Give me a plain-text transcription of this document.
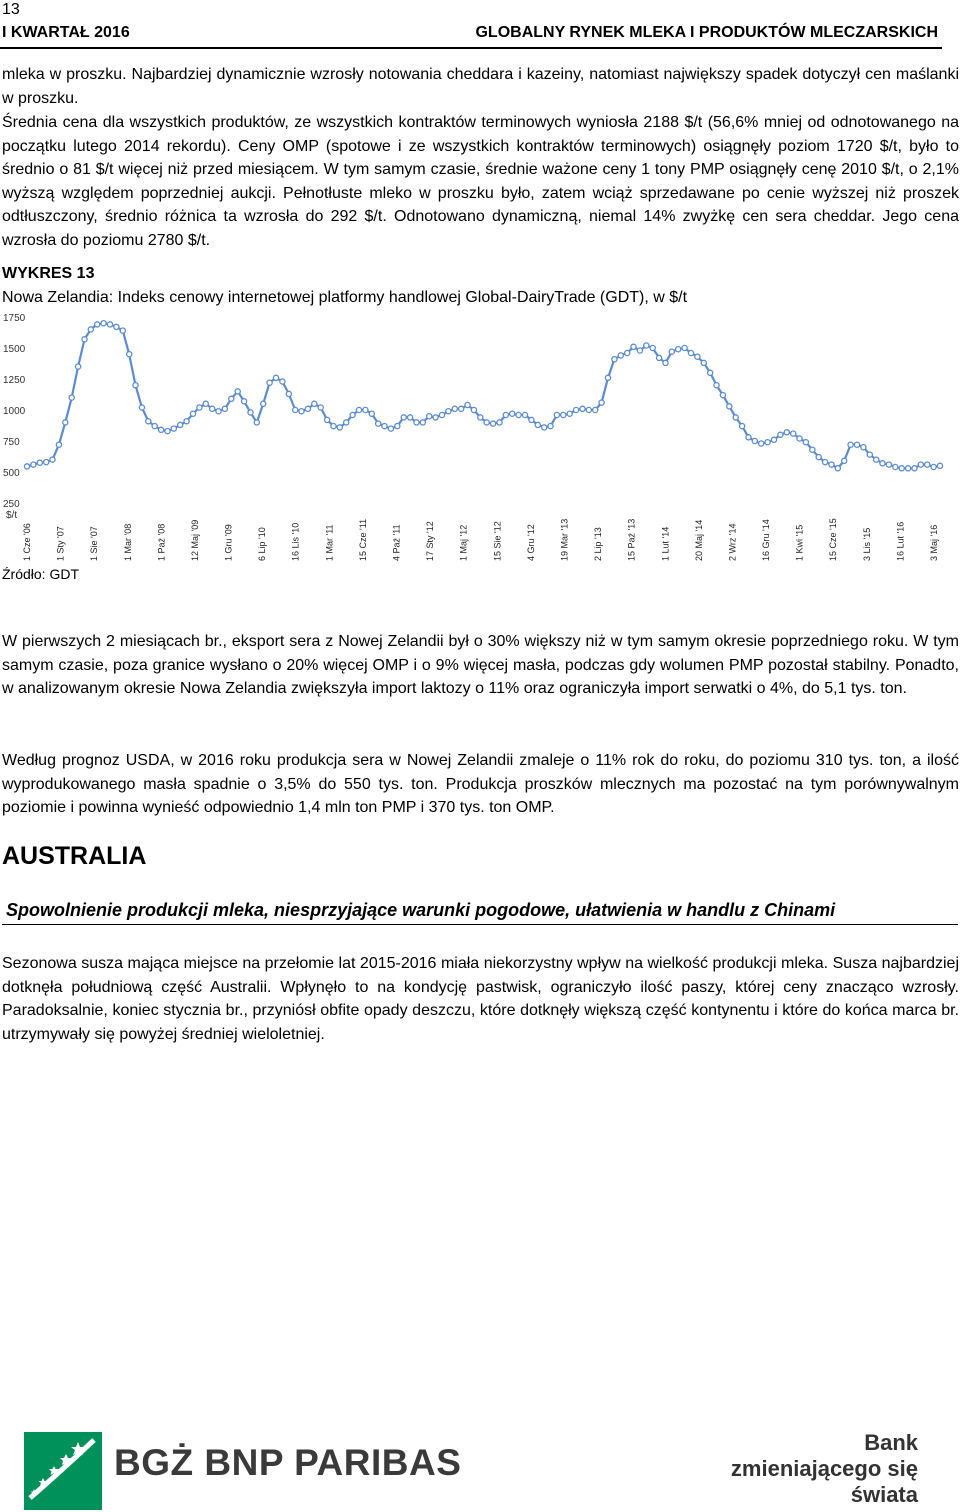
13
I KWARTAŁ 2016	GLOBALNY RYNEK MLEKA I PRODUKTÓW MLECZARSKICH

mleka w proszku. Najbardziej dynamicznie wzrosły notowania cheddara i kazeiny, natomiast największy spadek dotyczył cen maślanki w proszku.

Średnia cena dla wszystkich produktów, ze wszystkich kontraktów terminowych wyniosła 2188 $/t (56,6% mniej od odnotowanego na początku lutego 2014 rekordu). Ceny OMP (spotowe i ze wszystkich kontraktów terminowych) osiągnęły poziom 1720 $/t, było to średnio o 81 $/t więcej niż przed miesiącem. W tym samym czasie, średnie ważone ceny 1 tony PMP osiągnęły cenę 2010 $/t, o 2,1% wyższą względem poprzedniej aukcji. Pełnotłuste mleko w proszku było, zatem wciąż sprzedawane po cenie wyższej niż proszek odtłuszczony, średnio różnica ta wzrosła do 292 $/t. Odnotowano dynamiczną, niemal 14% zwyżkę cen sera cheddar. Jego cena wzrosła do poziomu 2780 $/t.

WYKRES 13
Nowa Zelandia: Indeks cenowy internetowej platformy handlowej Global-DairyTrade (GDT), w $/t
1750
1500
1250
1000
750
500
250
$/t
1 Cze '06	1 Sty '07	1 Sie '07	1 Mar '08	1 Paź '08	12 Maj '09	1 Gru '09	6 Lip '10	16 Lis '10	1 Mar '11	15 Cze '11	4 Paź '11	17 Sty '12	1 Maj '12	15 Sie '12	4 Gru '12	19 Mar '13	2 Lip '13	15 Paź '13	1 Lut '14	20 Maj '14	2 Wrz '14	16 Gru '14	1 Kwi '15	15 Cze '15	3 Lis '15	16 Lut '16	3 Maj '16
Źródło: GDT

W pierwszych 2 miesiącach br., eksport sera z Nowej Zelandii był o 30% większy niż w tym samym okresie poprzedniego roku. W tym samym czasie, poza granice wysłano o 20% więcej OMP i o 9% więcej masła, podczas gdy wolumen PMP pozostał stabilny. Ponadto, w analizowanym okresie Nowa Zelandia zwiększyła import laktozy o 11% oraz ograniczyła import serwatki o 4%, do 5,1 tys. ton.

Według prognoz USDA, w 2016 roku produkcja sera w Nowej Zelandii zmaleje o 11% rok do roku, do poziomu 310 tys. ton, a ilość wyprodukowanego masła spadnie o 3,5% do 550 tys. ton. Produkcja proszków mlecznych ma pozostać na tym porównywalnym poziomie i powinna wynieść odpowiednio 1,4 mln ton PMP i 370 tys. ton OMP.

AUSTRALIA
Spowolnienie produkcji mleka, niesprzyjające warunki pogodowe, ułatwienia w handlu z Chinami

Sezonowa susza mająca miejsce na przełomie lat 2015-2016 miała niekorzystny wpływ na wielkość produkcji mleka. Susza najbardziej dotknęła południową część Australii. Wpłynęło to na kondycję pastwisk, ograniczyło ilość paszy, której ceny znacząco wzrosły. Paradoksalnie, koniec stycznia br., przyniósł obfite opady deszczu, które dotknęły większą część kontynentu i które do końca marca br. utrzymywały się powyżej średniej wieloletniej.

BGŻ BNP PARIBAS	Bank
zmieniającego się
świata
